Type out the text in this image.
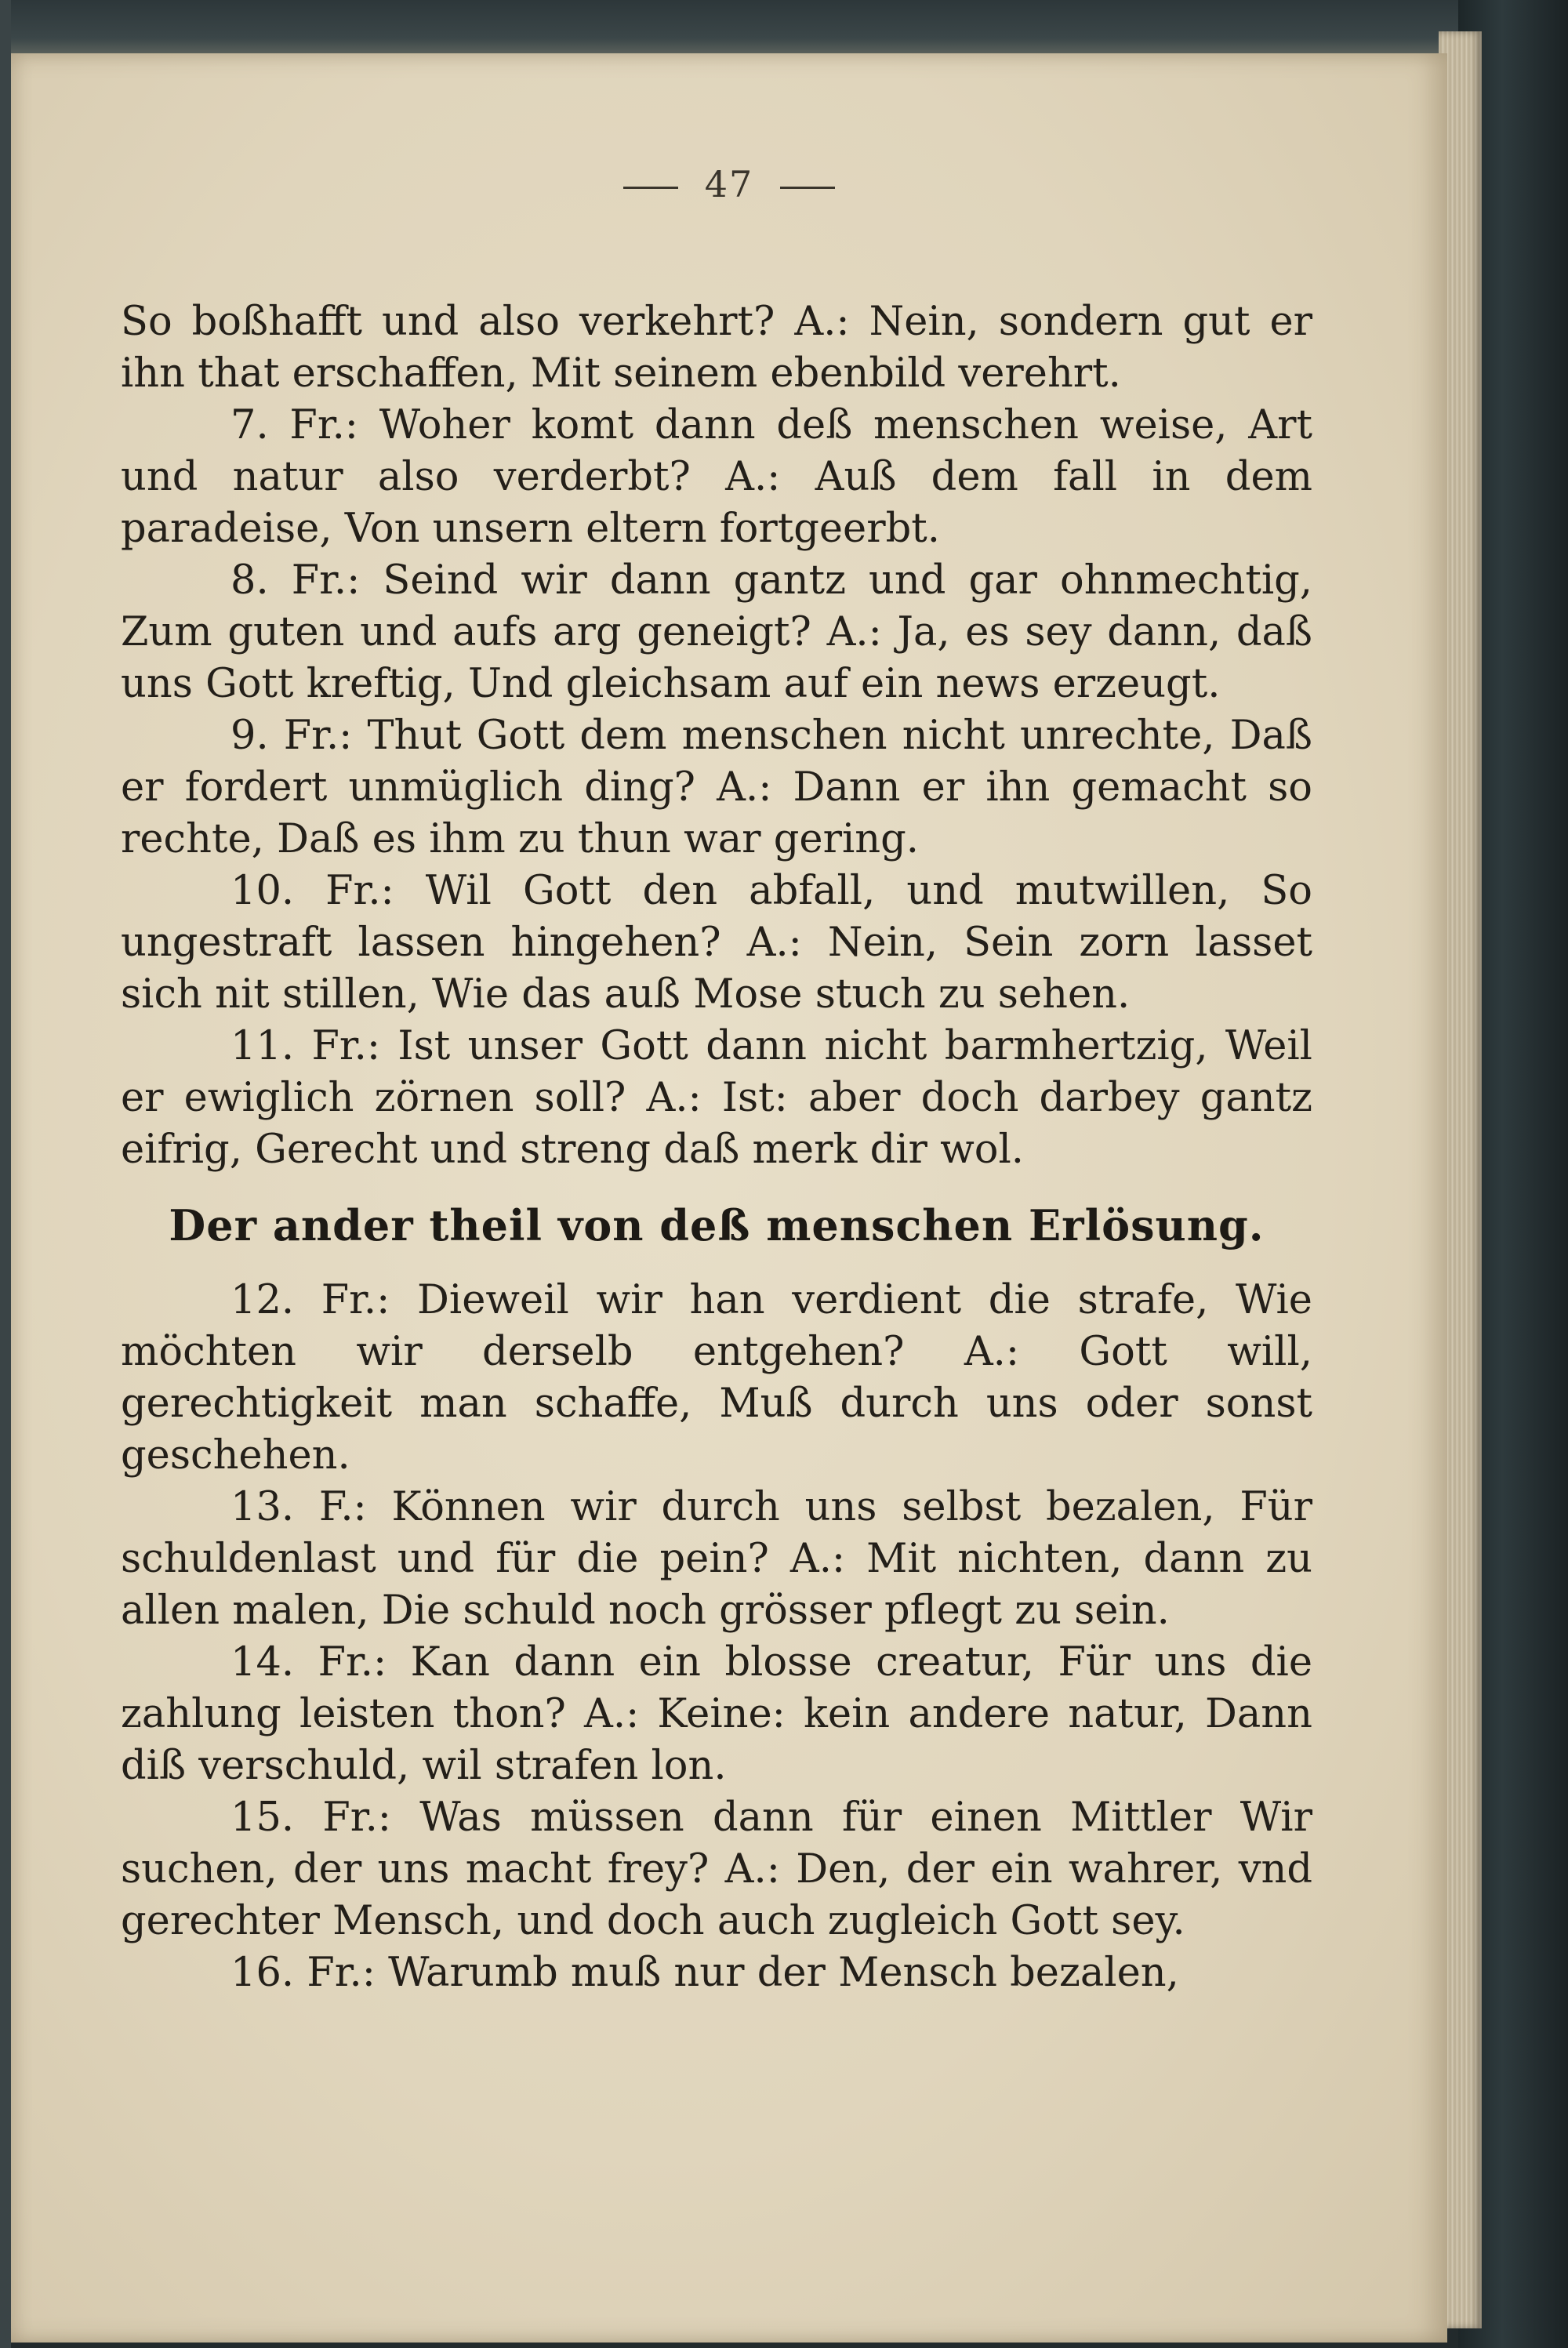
47

So boßhafft und also verkehrt? A.: Nein, sondern gut er ihn that erschaffen, Mit seinem ebenbild verehrt.

7. Fr.: Woher komt dann deß menschen weise, Art und natur also verderbt? A.: Auß dem fall in dem paradeise, Von unsern eltern fortgeerbt.

8. Fr.: Seind wir dann gantz und gar ohnmechtig, Zum guten und aufs arg geneigt? A.: Ja, es sey dann, daß uns Gott kreftig, Und gleichsam auf ein news erzeugt.

9. Fr.: Thut Gott dem menschen nicht unrechte, Daß er fordert unmüglich ding? A.: Dann er ihn gemacht so rechte, Daß es ihm zu thun war gering.

10. Fr.: Wil Gott den abfall, und mutwillen, So ungestraft lassen hingehen? A.: Nein, Sein zorn lasset sich nit stillen, Wie das auß Mose stuch zu sehen.

11. Fr.: Ist unser Gott dann nicht barmhertzig, Weil er ewiglich zörnen soll? A.: Ist: aber doch darbey gantz eifrig, Gerecht und streng daß merk dir wol.

Der ander theil von deß menschen Erlösung.

12. Fr.: Dieweil wir han verdient die strafe, Wie möchten wir derselb entgehen? A.: Gott will, gerechtigkeit man schaffe, Muß durch uns oder sonst geschehen.

13. F.: Können wir durch uns selbst bezalen, Für schuldenlast und für die pein? A.: Mit nichten, dann zu allen malen, Die schuld noch grösser pflegt zu sein.

14. Fr.: Kan dann ein blosse creatur, Für uns die zahlung leisten thon? A.: Keine: kein andere natur, Dann diß verschuld, wil strafen lon.

15. Fr.: Was müssen dann für einen Mittler Wir suchen, der uns macht frey? A.: Den, der ein wahrer, vnd gerechter Mensch, und doch auch zugleich Gott sey.

16. Fr.: Warumb muß nur der Mensch bezalen,
